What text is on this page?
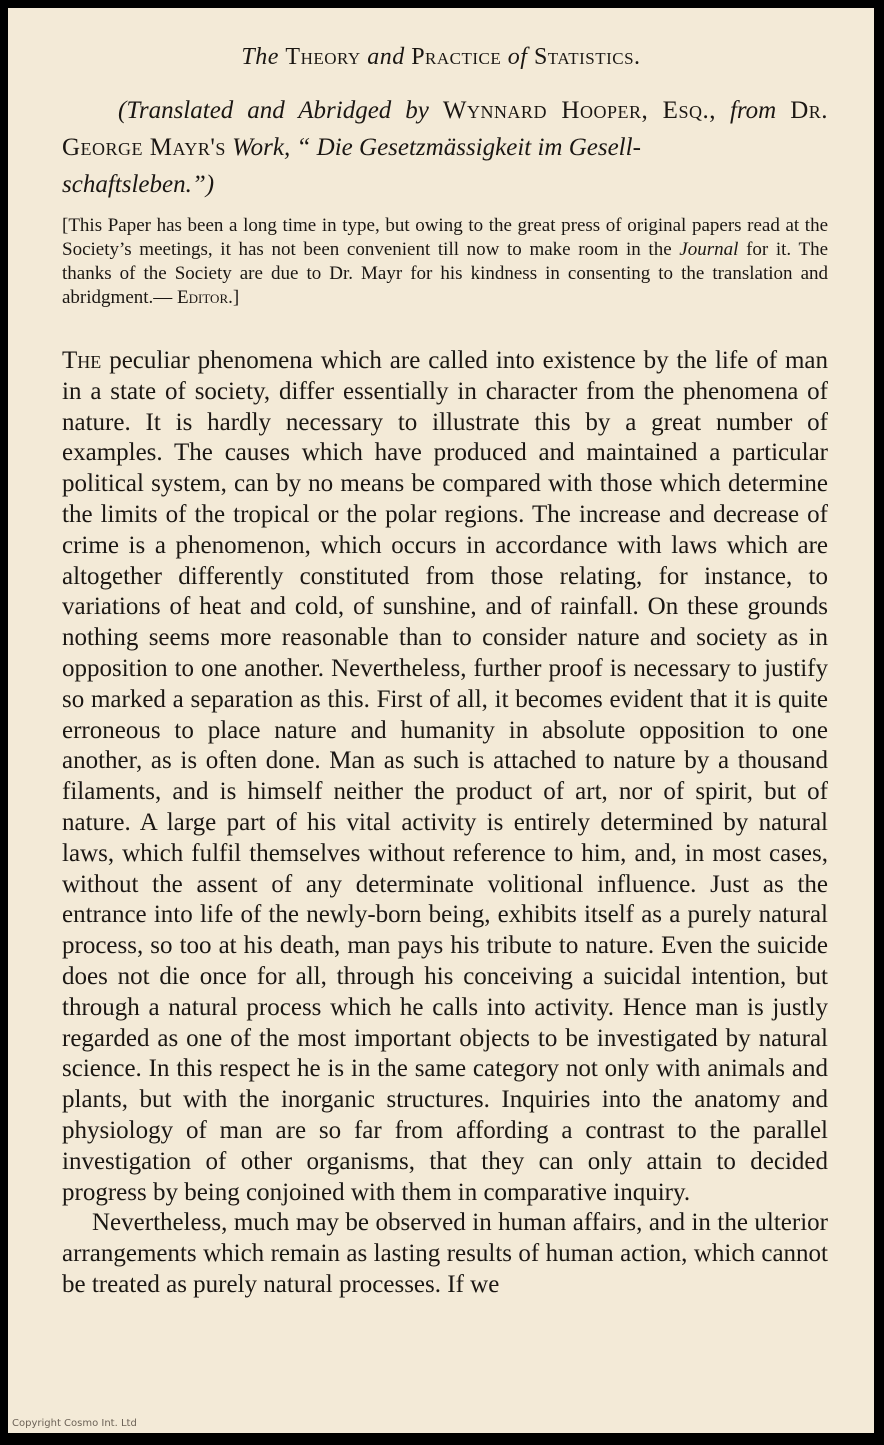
The Theory and Practice of Statistics.
(Translated and Abridged by Wynnard Hooper, Esq., from Dr. George Mayr's Work, “ Die Gesetzmässigkeit im Gesell-
schaftsleben.”)
[This Paper has been a long time in type, but owing to the great press of original papers read at the Society’s meetings, it has not been convenient till now to make room in the Journal for it. The thanks of the Society are due to Dr. Mayr for his kindness in consenting to the translation and abridgment.— Editor.]

The peculiar phenomena which are called into existence by the life of man in a state of society, differ essentially in character from the phenomena of nature. It is hardly necessary to illustrate this by a great number of examples. The causes which have produced and maintained a particular political system, can by no means be compared with those which determine the limits of the tropical or the polar regions. The increase and decrease of crime is a phenomenon, which occurs in accordance with laws which are altogether differently constituted from those relating, for instance, to variations of heat and cold, of sunshine, and of rainfall. On these grounds nothing seems more reasonable than to consider nature and society as in opposition to one another. Nevertheless, further proof is necessary to justify so marked a separation as this. First of all, it becomes evident that it is quite erroneous to place nature and humanity in absolute opposition to one another, as is often done. Man as such is attached to nature by a thousand filaments, and is himself neither the product of art, nor of spirit, but of nature. A large part of his vital activity is entirely determined by natural laws, which fulfil themselves without reference to him, and, in most cases, without the assent of any determinate volitional influence. Just as the entrance into life of the newly-born being, exhibits itself as a purely natural process, so too at his death, man pays his tribute to nature. Even the suicide does not die once for all, through his conceiving a suicidal intention, but through a natural process which he calls into activity. Hence man is justly regarded as one of the most important objects to be investigated by natural science. In this respect he is in the same category not only with animals and plants, but with the inorganic structures. Inquiries into the anatomy and physiology of man are so far from affording a contrast to the parallel investigation of other organisms, that they can only attain to decided progress by being conjoined with them in comparative inquiry.

Nevertheless, much may be observed in human affairs, and in the ulterior arrangements which remain as lasting results of human action, which cannot be treated as purely natural processes. If we

Copyright Cosmo Int. Ltd
